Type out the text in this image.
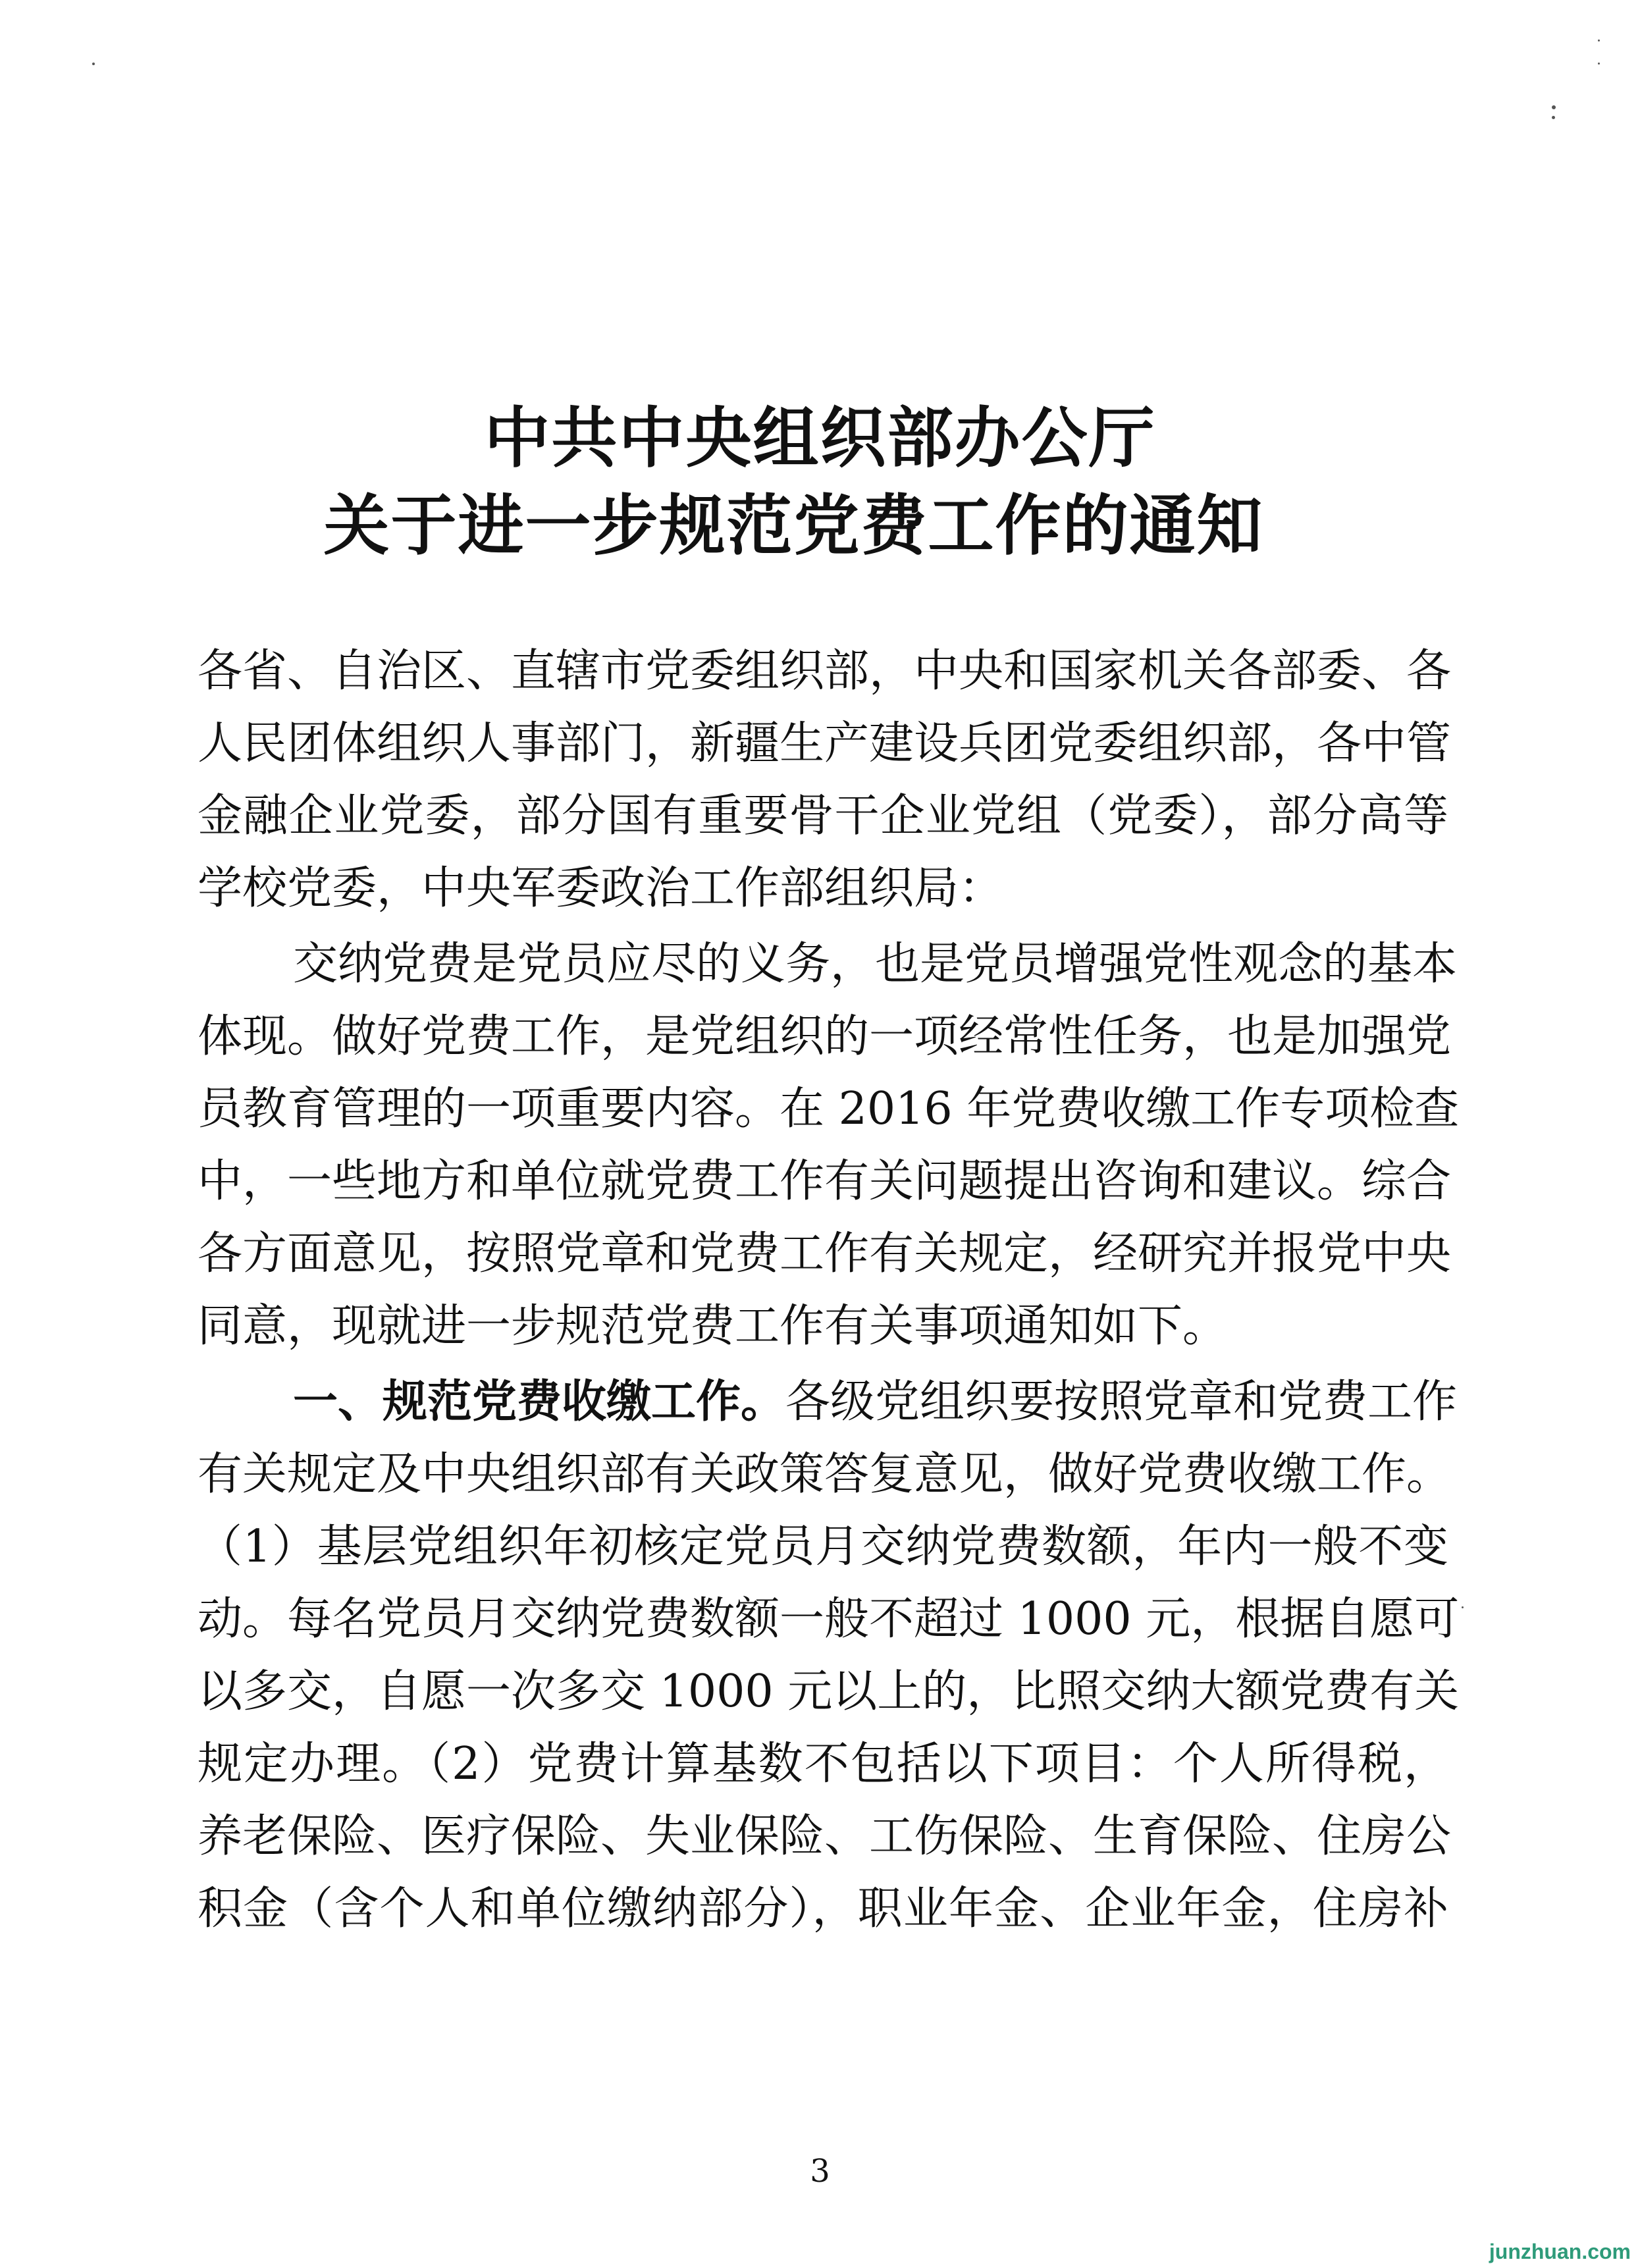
中共中央组织部办公厅
关于进一步规范党费工作的通知
各省、自治区、直辖市党委组织部，中央和国家机关各部委、各
人民团体组织人事部门，新疆生产建设兵团党委组织部，各中管
金融企业党委，部分国有重要骨干企业党组（党委），部分高等
学校党委，中央军委政治工作部组织局：
交纳党费是党员应尽的义务，也是党员增强党性观念的基本
体现。做好党费工作，是党组织的一项经常性任务，也是加强党
员教育管理的一项重要内容。在 2016 年党费收缴工作专项检查
中，一些地方和单位就党费工作有关问题提出咨询和建议。综合
各方面意见，按照党章和党费工作有关规定，经研究并报党中央
同意，现就进一步规范党费工作有关事项通知如下。
一、规范党费收缴工作。各级党组织要按照党章和党费工作
有关规定及中央组织部有关政策答复意见，做好党费收缴工作。
（1）基层党组织年初核定党员月交纳党费数额，年内一般不变
动。每名党员月交纳党费数额一般不超过 1000 元，根据自愿可
以多交，自愿一次多交 1000 元以上的，比照交纳大额党费有关
规定办理。（2）党费计算基数不包括以下项目：个人所得税，
养老保险、医疗保险、失业保险、工伤保险、生育保险、住房公
积金（含个人和单位缴纳部分），职业年金、企业年金，住房补
3
junzhuan.com
